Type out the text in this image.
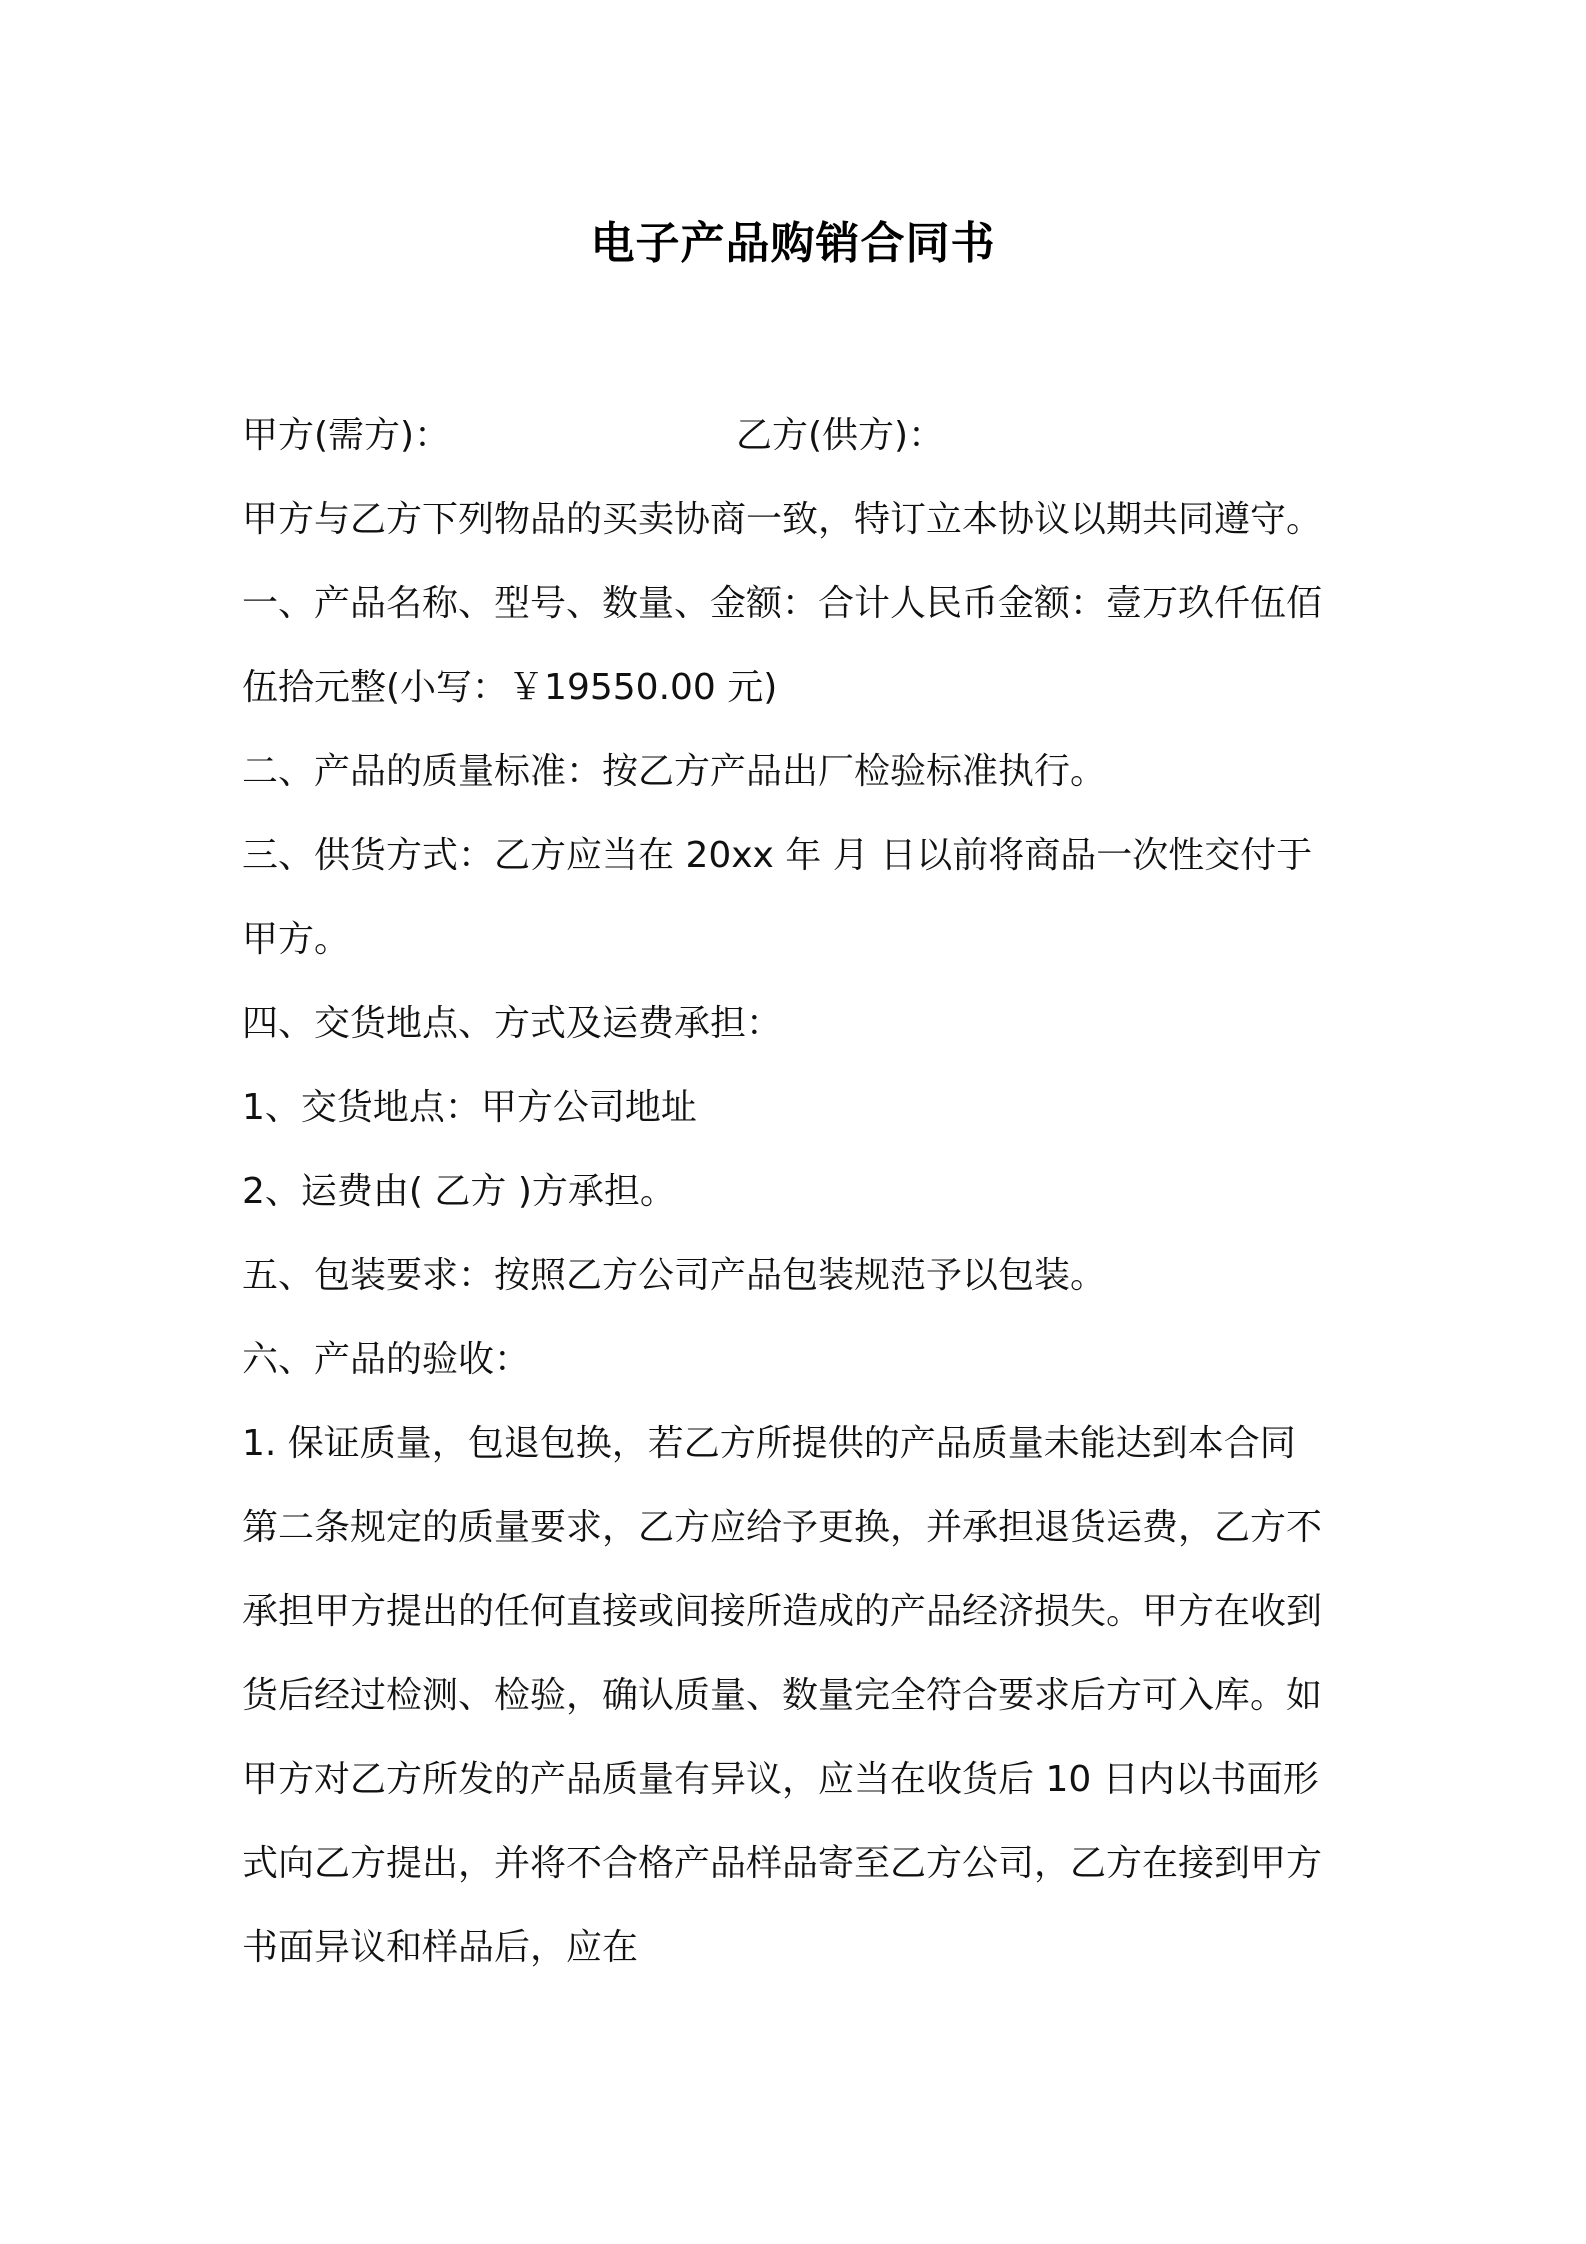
电子产品购销合同书
甲方(需方)：	乙方(供方)：
甲方与乙方下列物品的买卖协商一致，特订立本协议以期共同遵守。
一、产品名称、型号、数量、金额：合计人民币金额：壹万玖仟伍佰
伍拾元整(小写：￥19550.00 元)
二、产品的质量标准：按乙方产品出厂检验标准执行。
三、供货方式：乙方应当在 20xx 年 月 日以前将商品一次性交付于
甲方。
四、交货地点、方式及运费承担：
1、交货地点：甲方公司地址
2、运费由( 乙方 )方承担。
五、包装要求：按照乙方公司产品包装规范予以包装。
六、产品的验收：
1. 保证质量，包退包换，若乙方所提供的产品质量未能达到本合同
第二条规定的质量要求，乙方应给予更换，并承担退货运费，乙方不
承担甲方提出的任何直接或间接所造成的产品经济损失。甲方在收到
货后经过检测、检验，确认质量、数量完全符合要求后方可入库。如
甲方对乙方所发的产品质量有异议，应当在收货后 10 日内以书面形
式向乙方提出，并将不合格产品样品寄至乙方公司，乙方在接到甲方
书面异议和样品后，应在
